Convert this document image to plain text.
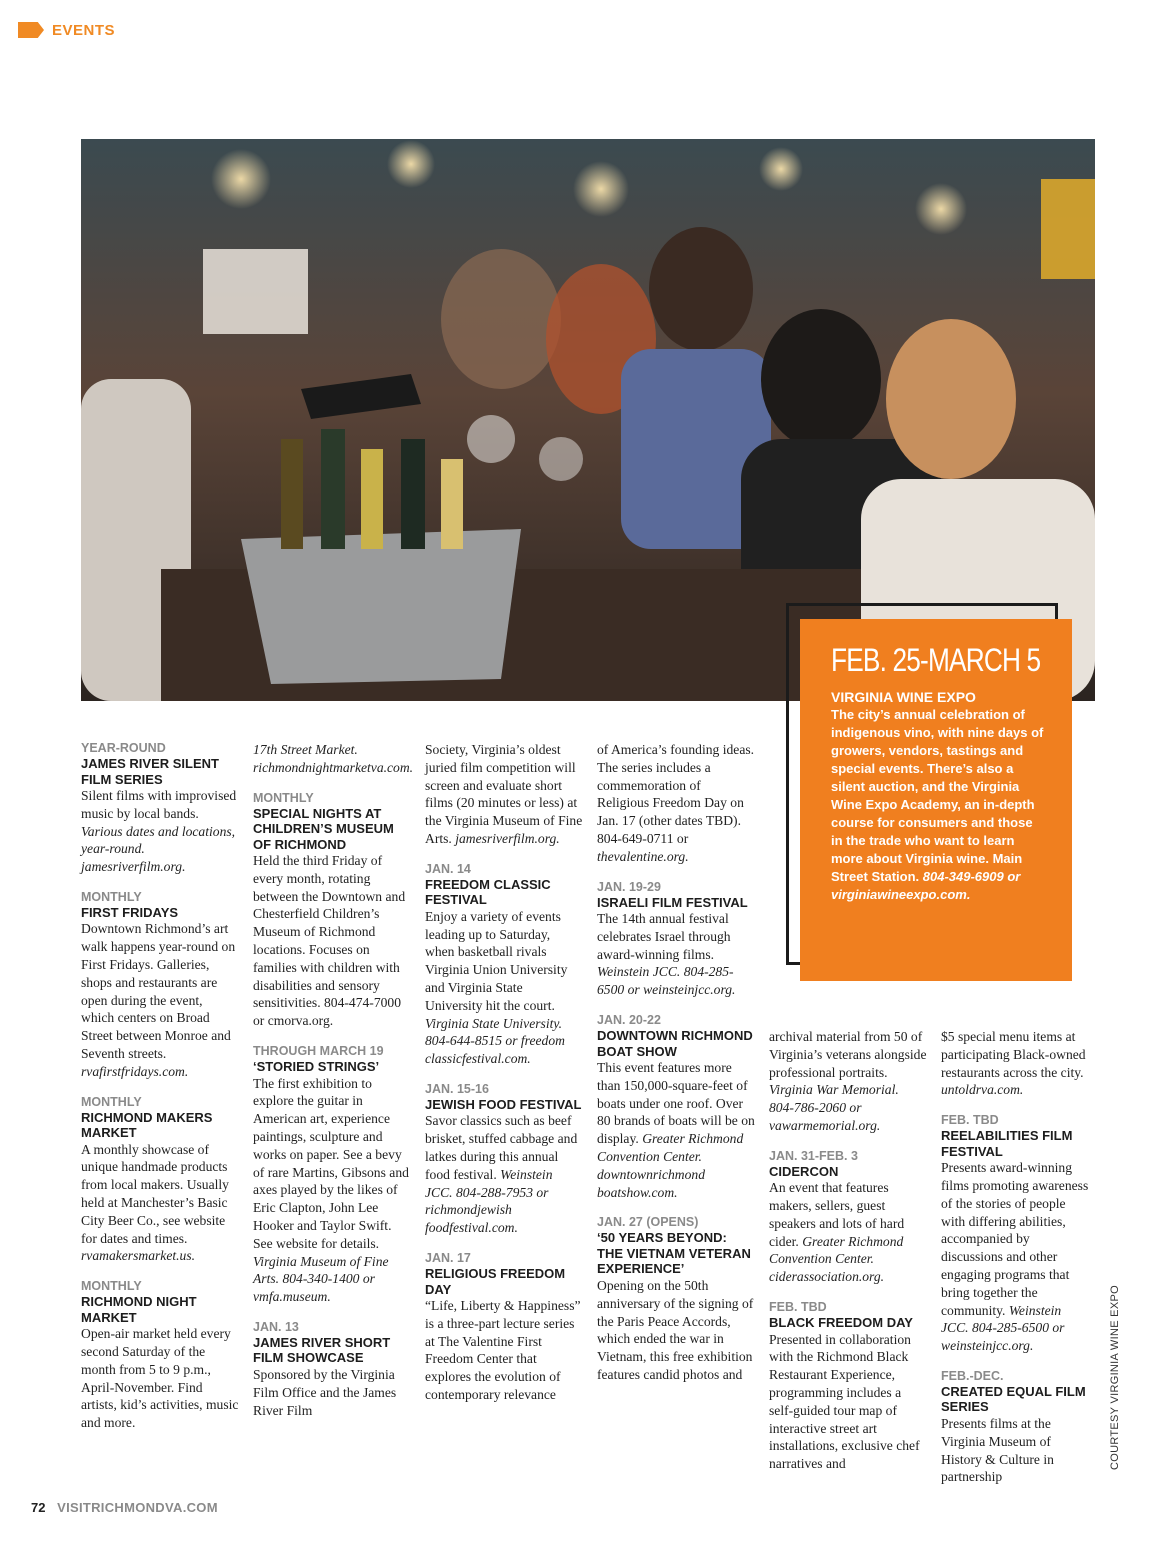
EVENTS
FEB. 25-MARCH 5
VIRGINIA WINE EXPO
The city’s annual celebration of indigenous vino, with nine days of growers, vendors, tastings and special events. There’s also a silent auction, and the Virginia Wine Expo Academy, an in-depth course for consumers and those in the trade who want to learn more about Virginia wine. Main Street Station. 804-349-6909 or virginiawineexpo.com.
YEAR-ROUND
JAMES RIVER SILENT FILM SERIES

Silent films with improvised music by local bands. Various dates and locations, year-round. jamesriverfilm.org.

MONTHLY
FIRST FRIDAYS

Downtown Richmond’s art walk happens year-round on First Fridays. Galleries, shops and restaurants are open during the event, which centers on Broad Street between Monroe and Seventh streets. rvafirstfridays.com.

MONTHLY
RICHMOND MAKERS MARKET

A monthly showcase of unique handmade products from local makers. Usually held at Manchester’s Basic City Beer Co., see website for dates and times. rvamakersmarket.us.

MONTHLY
RICHMOND NIGHT MARKET

Open-air market held every second Saturday of the month from 5 to 9 p.m., April-November. Find artists, kid’s activities, music and more.

17th Street Market. richmondnightmarketva.com.

MONTHLY
SPECIAL NIGHTS AT CHILDREN’S MUSEUM OF RICHMOND

Held the third Friday of every month, rotating between the Downtown and Chesterfield Children’s Museum of Richmond locations. Focuses on families with children with disabilities and sensory sensitivities. 804-474-7000 or cmorva.org.

THROUGH MARCH 19
‘STORIED STRINGS’

The first exhibition to explore the guitar in American art, experience paintings, sculpture and works on paper. See a bevy of rare Martins, Gibsons and axes played by the likes of Eric Clapton, John Lee Hooker and Taylor Swift. See website for details. Virginia Museum of Fine Arts. 804-340-1400 or vmfa.museum.

JAN. 13
JAMES RIVER SHORT FILM SHOWCASE

Sponsored by the Virginia Film Office and the James River Film

Society, Virginia’s oldest juried film competition will screen and evaluate short films (20 minutes or less) at the Virginia Museum of Fine Arts. jamesriverfilm.org.

JAN. 14
FREEDOM CLASSIC FESTIVAL

Enjoy a variety of events leading up to Saturday, when basketball rivals Virginia Union University and Virginia State University hit the court. Virginia State University. 804-644-8515 or freedom classicfestival.com.

JAN. 15-16
JEWISH FOOD FESTIVAL

Savor classics such as beef brisket, stuffed cabbage and latkes during this annual food festival. Weinstein JCC. 804-288-7953 or richmondjewish foodfestival.com.

JAN. 17
RELIGIOUS FREEDOM DAY

“Life, Liberty & Happiness” is a three-part lecture series at The Valentine First Freedom Center that explores the evolution of contemporary relevance

of America’s founding ideas. The series includes a commemoration of Religious Freedom Day on Jan. 17 (other dates TBD). 804-649-0711 or thevalentine.org.

JAN. 19-29
ISRAELI FILM FESTIVAL

The 14th annual festival celebrates Israel through award-winning films. Weinstein JCC. 804-285-6500 or weinsteinjcc.org.

JAN. 20-22
DOWNTOWN RICHMOND BOAT SHOW

This event features more than 150,000-square-feet of boats under one roof. Over 80 brands of boats will be on display. Greater Richmond Convention Center. downtownrichmond boatshow.com.

JAN. 27 (OPENS)
‘50 YEARS BEYOND: THE VIETNAM VETERAN EXPERIENCE’

Opening on the 50th anniversary of the signing of the Paris Peace Accords, which ended the war in Vietnam, this free exhibition features candid photos and

archival material from 50 of Virginia’s veterans alongside professional portraits. Virginia War Memorial. 804-786-2060 or vawarmemorial.org.

JAN. 31-FEB. 3
CIDERCON

An event that features makers, sellers, guest speakers and lots of hard cider. Greater Richmond Convention Center. ciderassociation.org.

FEB. TBD
BLACK FREEDOM DAY

Presented in collaboration with the Richmond Black Restaurant Experience, programming includes a self-guided tour map of interactive street art installations, exclusive chef narratives and

$5 special menu items at participating Black-owned restaurants across the city. untoldrva.com.

FEB. TBD
REELABILITIES FILM FESTIVAL

Presents award-winning films promoting awareness of the stories of people with differing abilities, accompanied by discussions and other engaging programs that bring together the community. Weinstein JCC. 804-285-6500 or weinsteinjcc.org.

FEB.-DEC.
CREATED EQUAL FILM SERIES

Presents films at the Virginia Museum of History & Culture in partnership

COURTESY VIRGINIA WINE EXPO
72 VISITRICHMONDVA.COM
